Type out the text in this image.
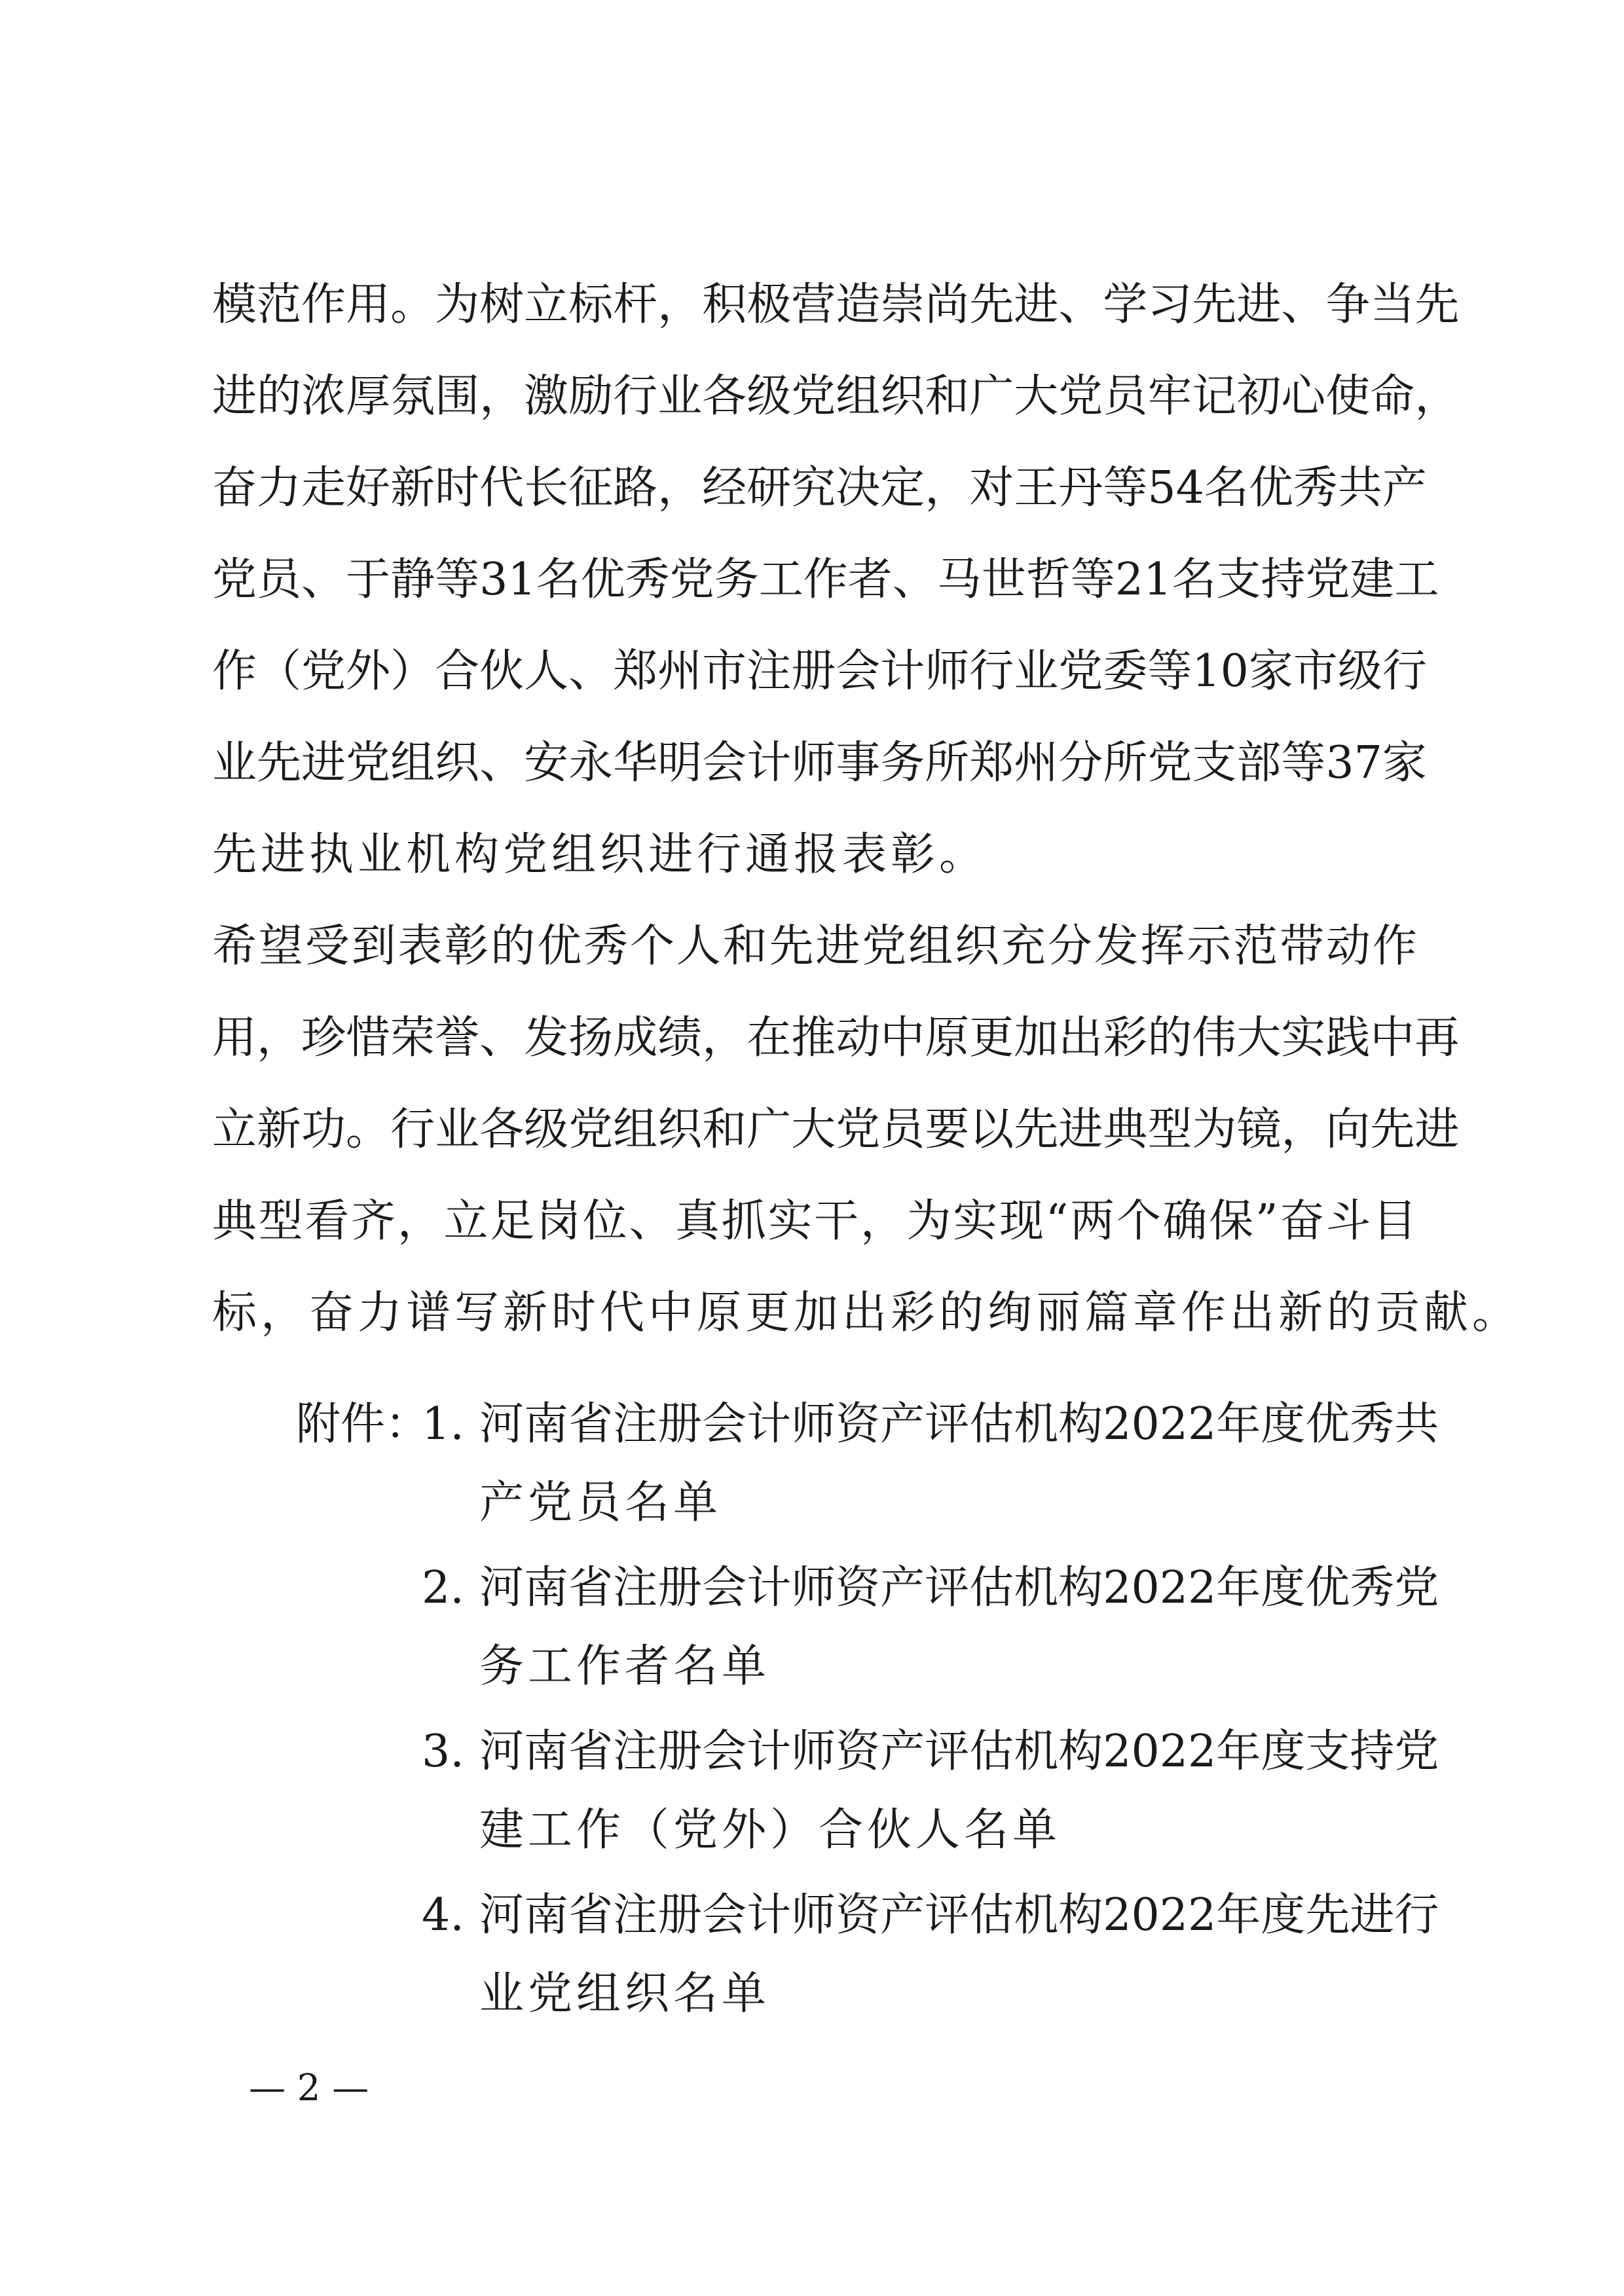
模 范 作 用 。 为 树 立 标 杆 ， 积 极 营 造 崇 尚 先 进 、 学 习 先 进 、 争 当 先
进 的 浓 厚 氛 围 ， 激 励 行 业 各 级 党 组 织 和 广 大 党 员 牢 记 初 心 使 命 ，
奋 力 走 好 新 时 代 长 征 路 ， 经 研 究 决 定 ， 对 王 丹 等 54 名 优 秀 共 产
党 员 、 于 静 等 31 名 优 秀 党 务 工 作 者 、 马 世 哲 等 21 名 支 持 党 建 工
作 （ 党 外 ） 合 伙 人 、 郑 州 市 注 册 会 计 师 行 业 党 委 等 10 家 市 级 行
业 先 进 党 组 织 、 安 永 华 明 会 计 师 事 务 所 郑 州 分 所 党 支 部 等 37 家
先进执业机构党组织进行通报表彰。
希 望 受 到 表 彰 的 优 秀 个 人 和 先 进 党 组 织 充 分 发 挥 示 范 带 动 作
用 ， 珍 惜 荣 誉 、 发 扬 成 绩 ， 在 推 动 中 原 更 加 出 彩 的 伟 大 实 践 中 再
立 新 功 。 行 业 各 级 党 组 织 和 广 大 党 员 要 以 先 进 典 型 为 镜 ， 向 先 进
典 型 看 齐 ， 立 足 岗 位 、 真 抓 实 干 ， 为 实 现 “ 两 个 确 保 ” 奋 斗 目
标，奋力谱写新时代中原更加出彩的绚丽篇章作出新的贡献。
附件：
1. 河 南 省 注 册 会 计 师 资 产 评 估 机 构 2022 年 度 优 秀 共
产党员名单
2. 河 南 省 注 册 会 计 师 资 产 评 估 机 构 2022 年 度 优 秀 党
务工作者名单
3. 河 南 省 注 册 会 计 师 资 产 评 估 机 构 2022 年 度 支 持 党
建工作（党外）合伙人名单
4. 河 南 省 注 册 会 计 师 资 产 评 估 机 构 2022 年 度 先 进 行
业党组织名单
— 2 —
